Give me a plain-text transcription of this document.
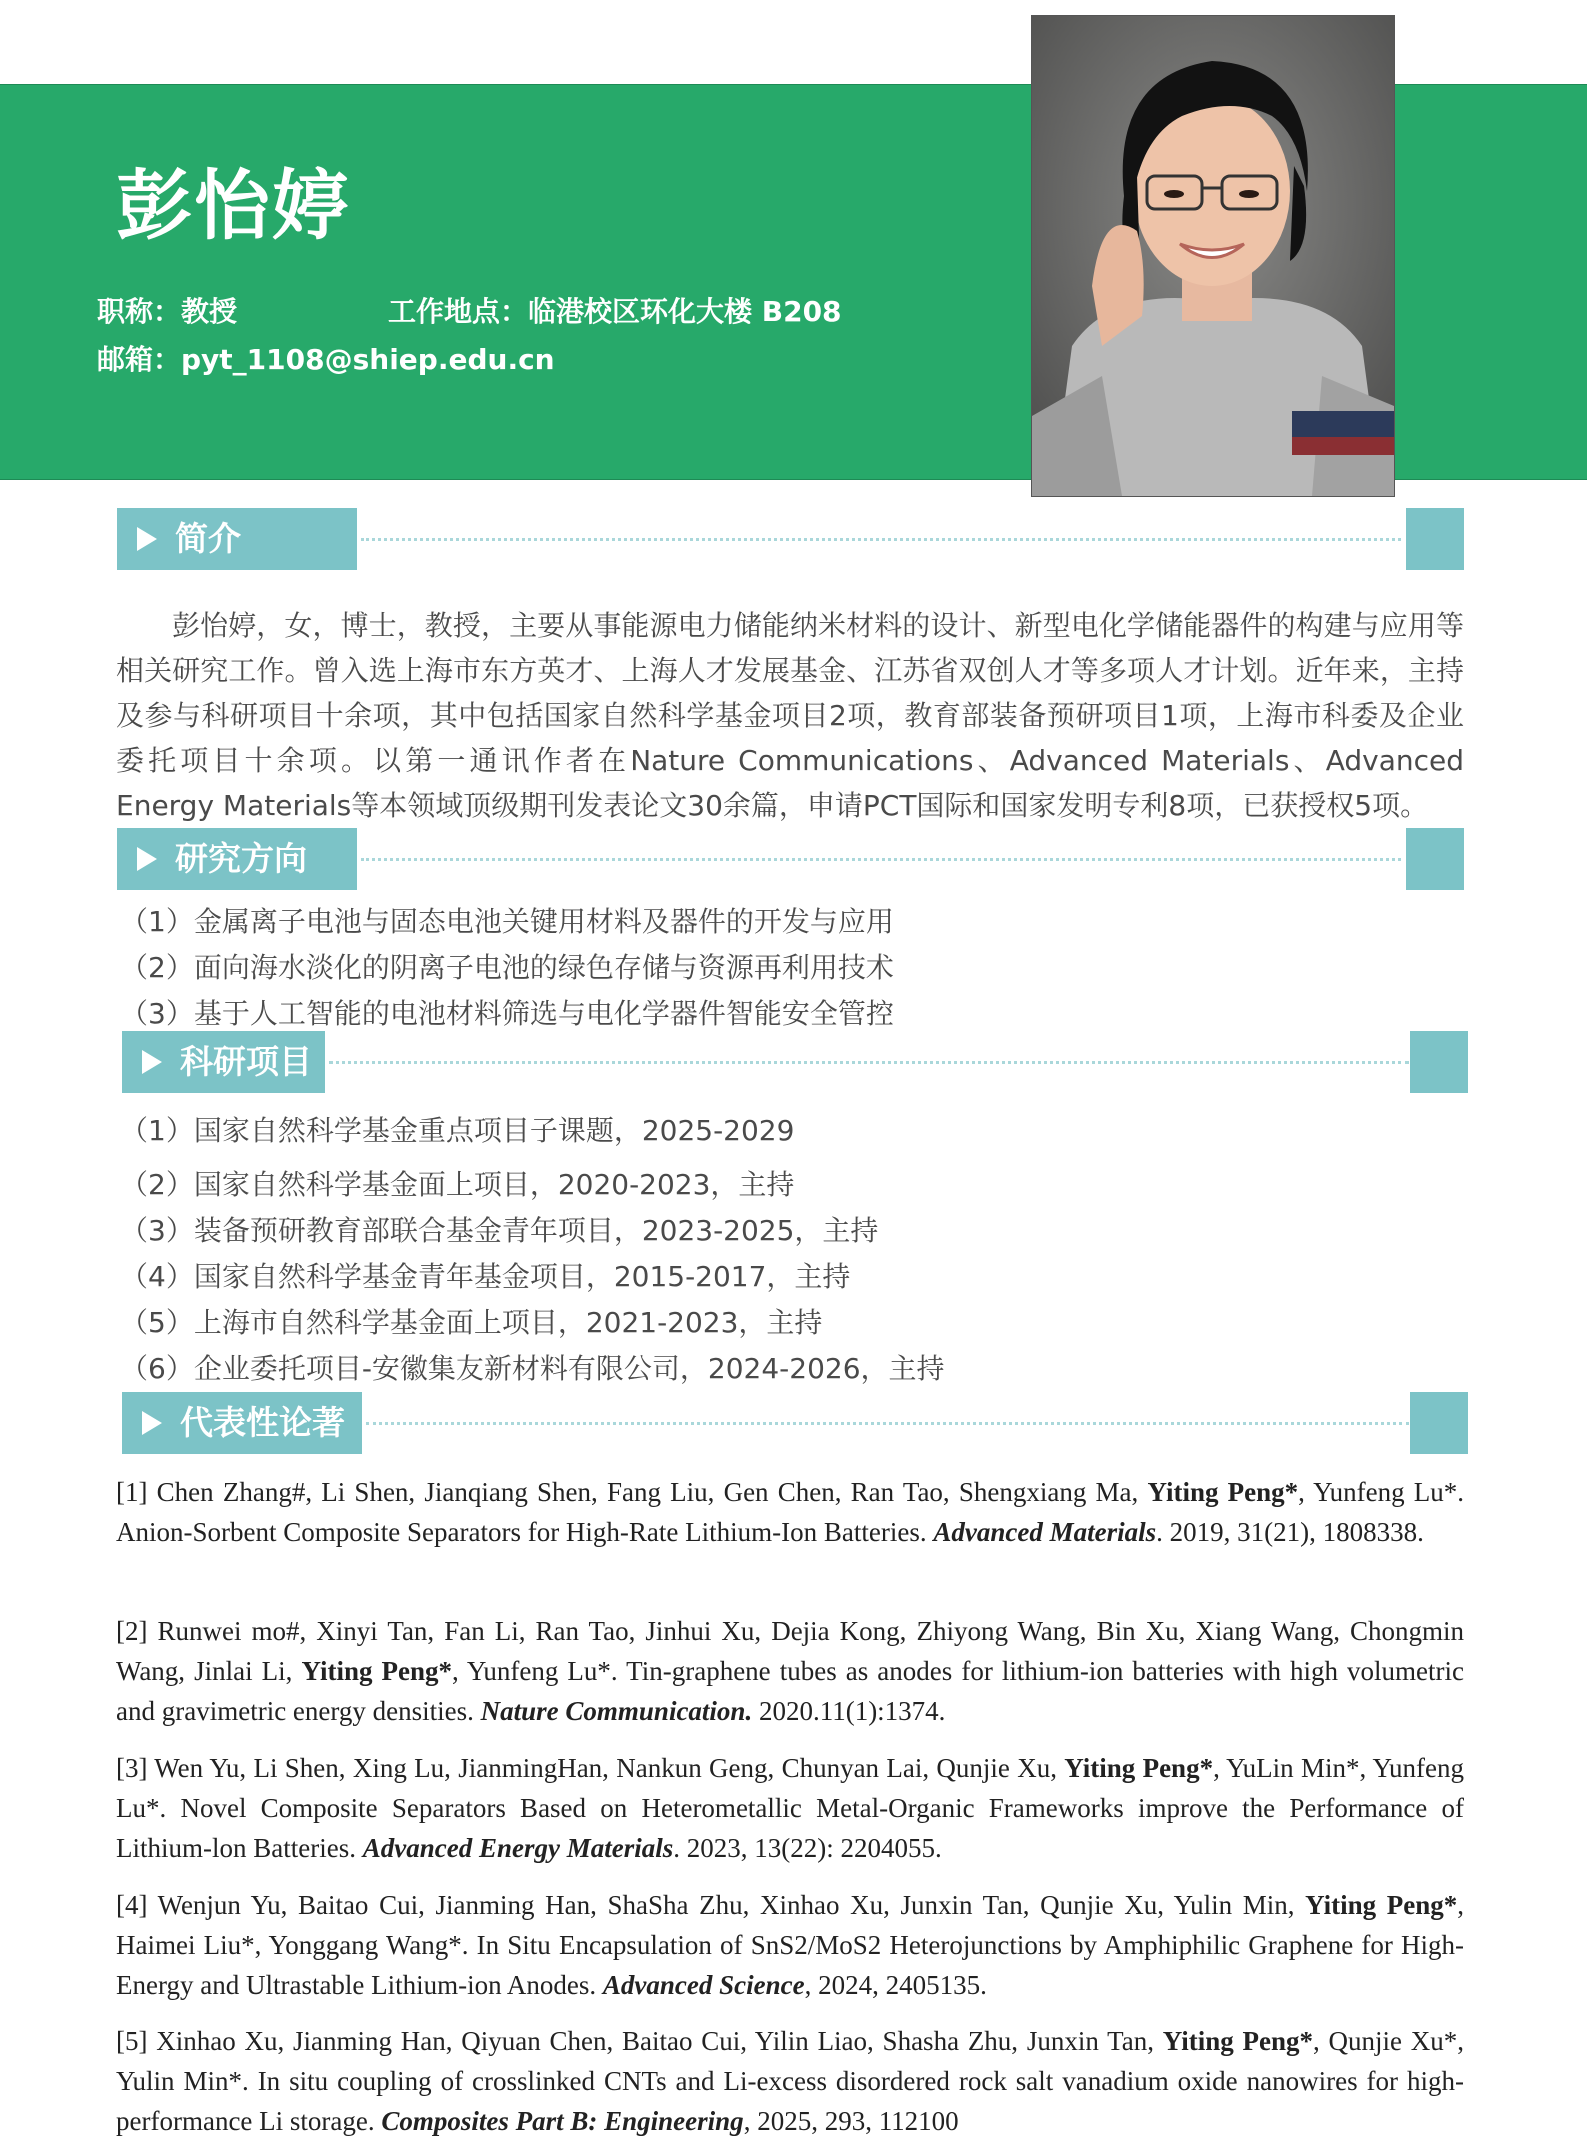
彭怡婷
职称：教授	工作地点：临港校区环化大楼 B208
邮箱：pyt_1108@shiep.edu.cn
简介
彭怡婷，女，博士，教授，主要从事能源电力储能纳米材料的设计、新型电化学储能器件的构建与应用等相关研究工作。曾入选上海市东方英才、上海人才发展基金、江苏省双创人才等多项人才计划。近年来，主持及参与科研项目十余项，其中包括国家自然科学基金项目2项，教育部装备预研项目1项，上海市科委及企业委托项目十余项。以第一通讯作者在Nature Communications、Advanced Materials、Advanced Energy Materials等本领域顶级期刊发表论文30余篇，申请PCT国际和国家发明专利8项，已获授权5项。
研究方向
（1）金属离子电池与固态电池关键用材料及器件的开发与应用
（2）面向海水淡化的阴离子电池的绿色存储与资源再利用技术
（3）基于人工智能的电池材料筛选与电化学器件智能安全管控
科研项目
（1）国家自然科学基金重点项目子课题，2025-2029
（2）国家自然科学基金面上项目，2020-2023，主持
（3）装备预研教育部联合基金青年项目，2023-2025，主持
（4）国家自然科学基金青年基金项目，2015-2017，主持
（5）上海市自然科学基金面上项目，2021-2023，主持
（6）企业委托项目-安徽集友新材料有限公司，2024-2026，主持
代表性论著
[1] Chen Zhang#, Li Shen, Jianqiang Shen, Fang Liu, Gen Chen, Ran Tao, Shengxiang Ma, Yiting Peng*, Yunfeng Lu*. Anion-Sorbent Composite Separators for High‐Rate Lithium-Ion Batteries. Advanced Materials. 2019, 31(21), 1808338.
[2] Runwei mo#, Xinyi Tan, Fan Li, Ran Tao, Jinhui Xu, Dejia Kong, Zhiyong Wang, Bin Xu, Xiang Wang, Chongmin Wang, Jinlai Li, Yiting Peng*, Yunfeng Lu*. Tin-graphene tubes as anodes for lithium-ion batteries with high volumetric and gravimetric energy densities. Nature Communication. 2020.11(1):1374.
[3] Wen Yu, Li Shen, Xing Lu, JianmingHan, Nankun Geng, Chunyan Lai, Qunjie Xu, Yiting Peng*, YuLin Min*, Yunfeng Lu*. Novel Composite Separators Based on Heterometallic Metal-Organic Frameworks improve the Performance of Lithium-lon Batteries. Advanced Energy Materials. 2023, 13(22): 2204055.
[4] Wenjun Yu, Baitao Cui, Jianming Han, ShaSha Zhu, Xinhao Xu, Junxin Tan, Qunjie Xu, Yulin Min, Yiting Peng*, Haimei Liu*, Yonggang Wang*. In Situ Encapsulation of SnS2/MoS2 Heterojunctions by Amphiphilic Graphene for High-Energy and Ultrastable Lithium-ion Anodes. Advanced Science, 2024, 2405135.
[5] Xinhao Xu, Jianming Han, Qiyuan Chen, Baitao Cui, Yilin Liao, Shasha Zhu, Junxin Tan, Yiting Peng*, Qunjie Xu*, Yulin Min*. In situ coupling of crosslinked CNTs and Li-excess disordered rock salt vanadium oxide nanowires for high-performance Li storage. Composites Part B: Engineering, 2025, 293, 112100
